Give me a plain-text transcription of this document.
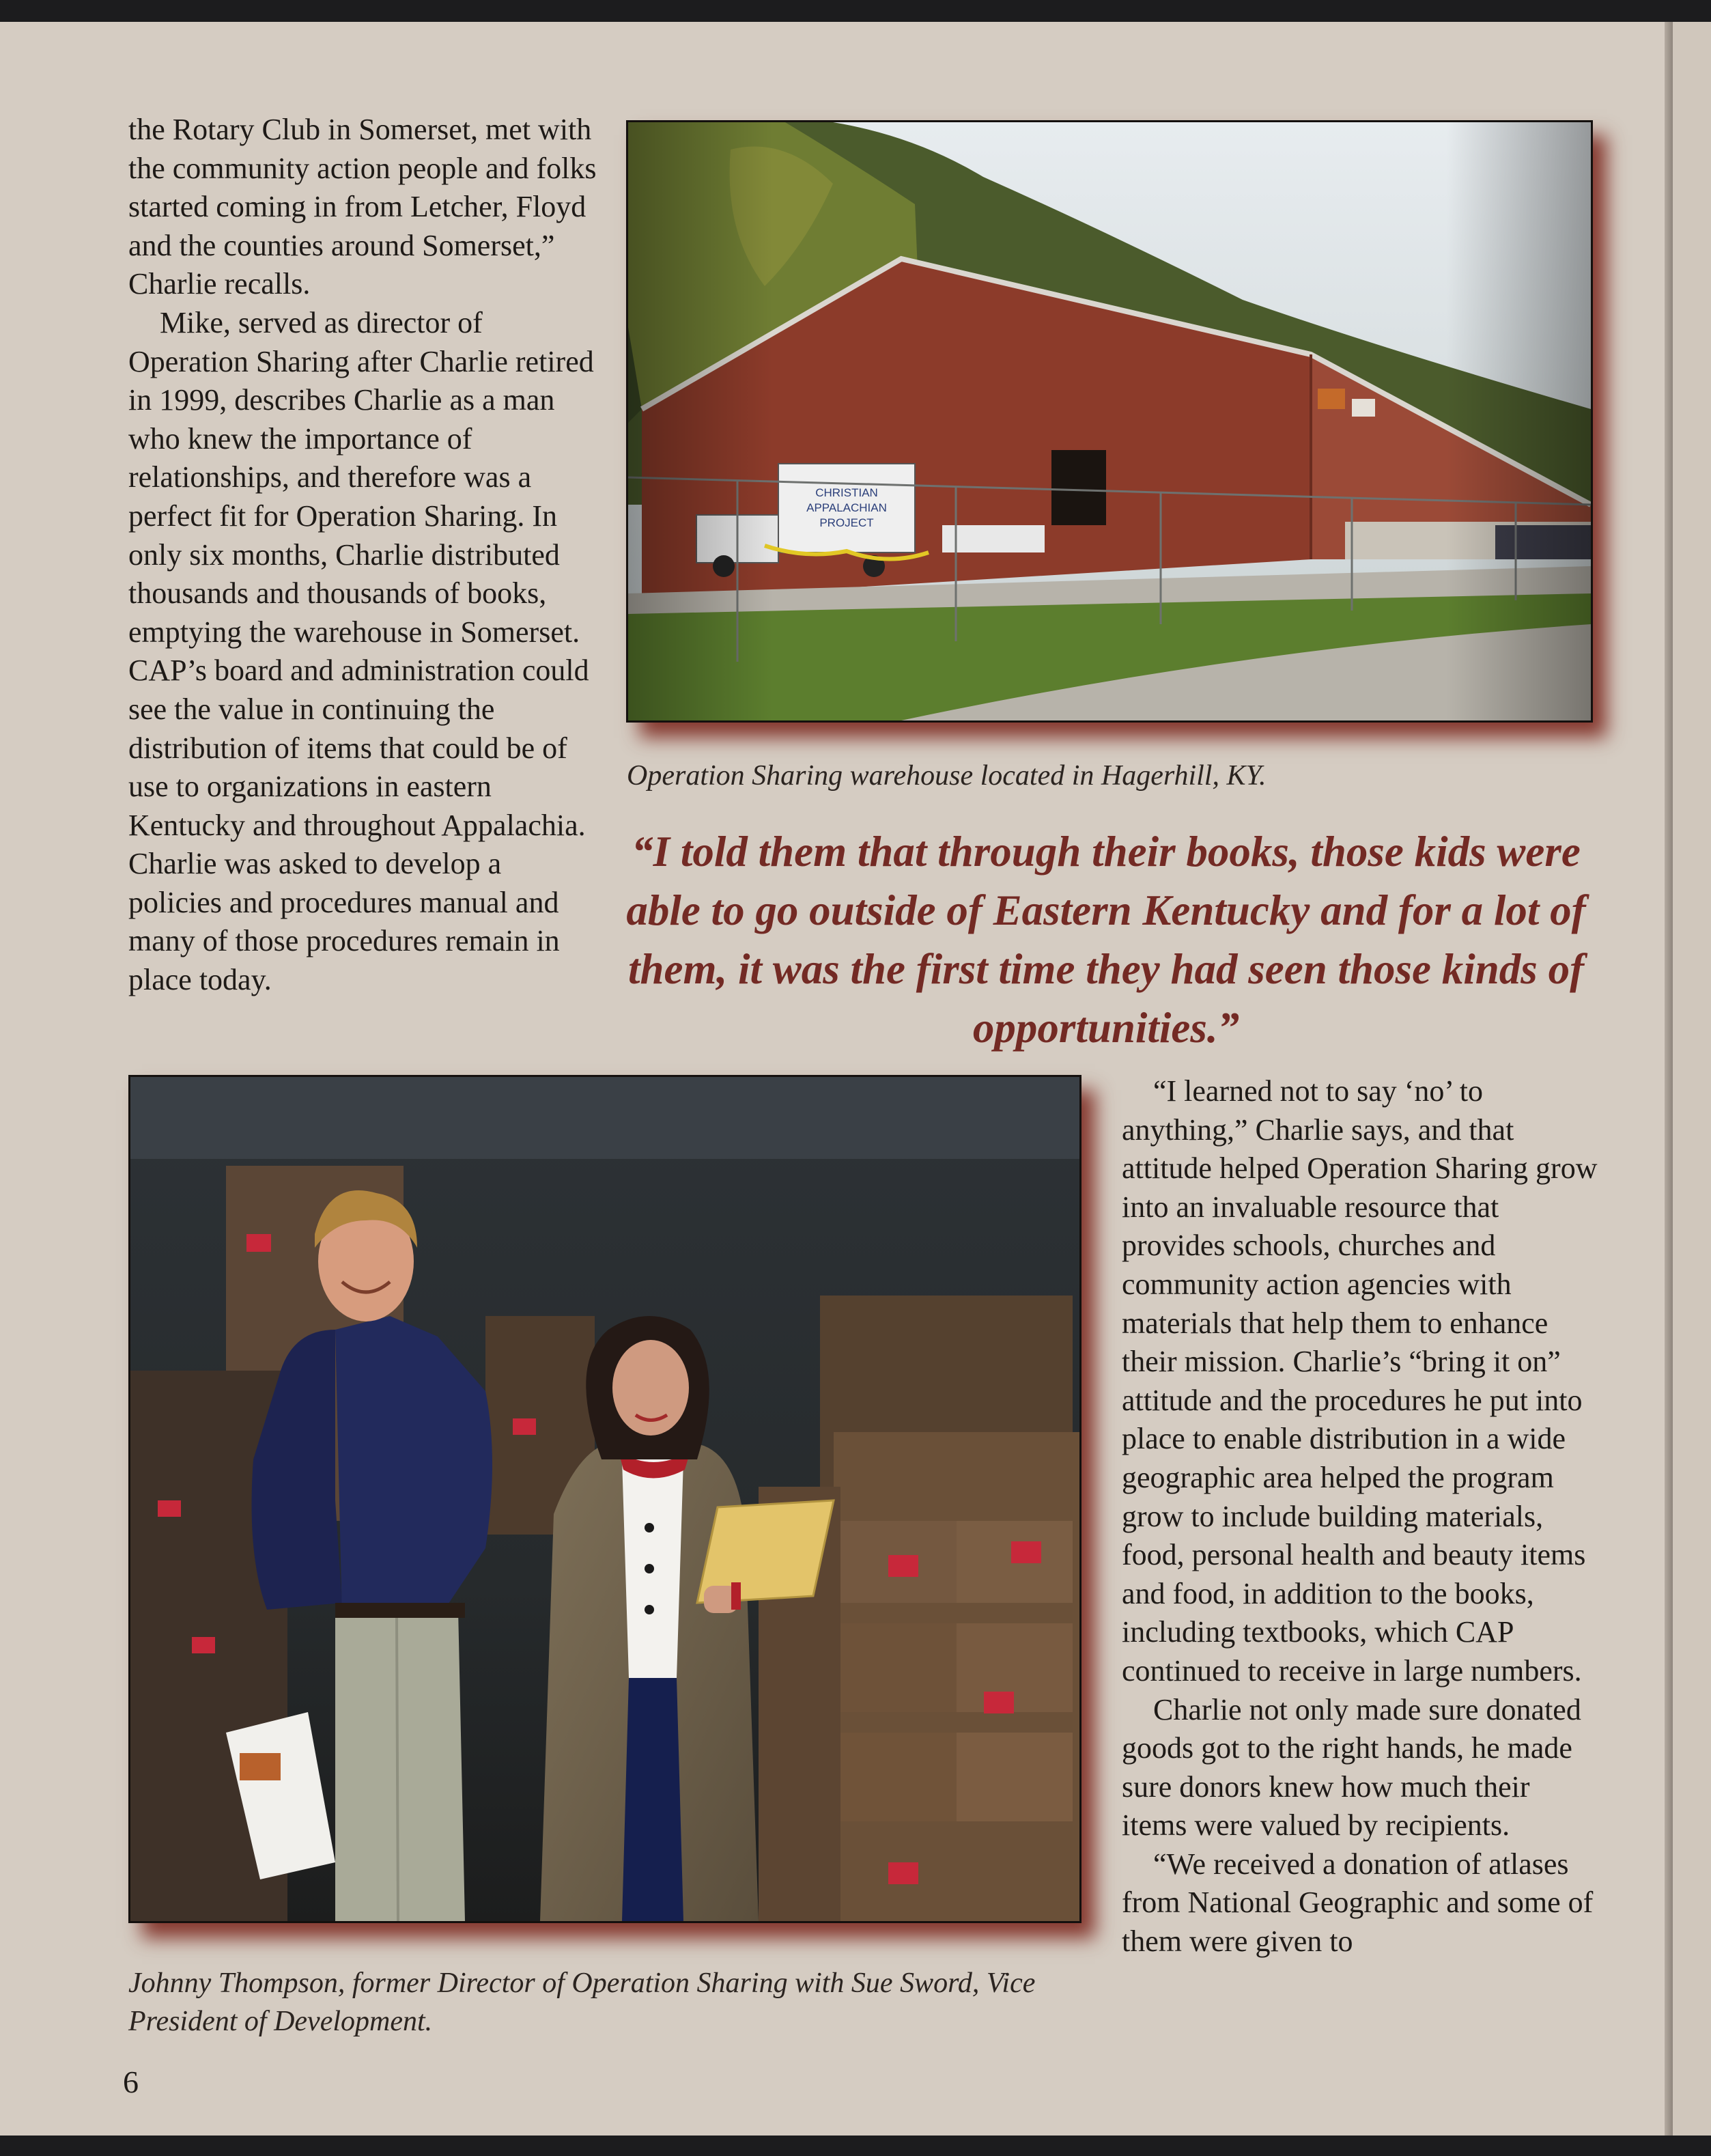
the Rotary Club in Somerset, met with the community action people and folks started coming in from Letcher, Floyd and the counties around Somerset,” Charlie recalls.

Mike, served as director of Operation Sharing after Charlie retired in 1999, describes Charlie as a man who knew the importance of relationships, and therefore was a perfect fit for Operation Sharing. In only six months, Charlie distributed thousands and thousands of books, emptying the warehouse in Somerset. CAP’s board and administration could see the value in continuing the distribution of items that could be of use to organizations in eastern Kentucky and throughout Appalachia. Charlie was asked to develop a policies and procedures manual and many of those procedures remain in place today.

Operation Sharing warehouse located in Hagerhill, KY.

“I told them that through their books, those kids were able to go outside of Eastern Kentucky and for a lot of them, it was the first time they had seen those kinds of opportunities.”

Johnny Thompson, former Director of Operation Sharing with Sue Sword, Vice President of Development.

“I learned not to say ‘no’ to anything,” Charlie says, and that attitude helped Operation Sharing grow into an invaluable resource that provides schools, churches and community action agencies with materials that help them to enhance their mission. Charlie’s “bring it on” attitude and the procedures he put into place to enable distribution in a wide geographic area helped the program grow to include building materials, food, personal health and beauty items and food, in addition to the books, including textbooks, which CAP continued to receive in large numbers.

Charlie not only made sure donated goods got to the right hands, he made sure donors knew how much their items were valued by recipients.

“We received a donation of atlases from National Geographic and some of them were given to

6
